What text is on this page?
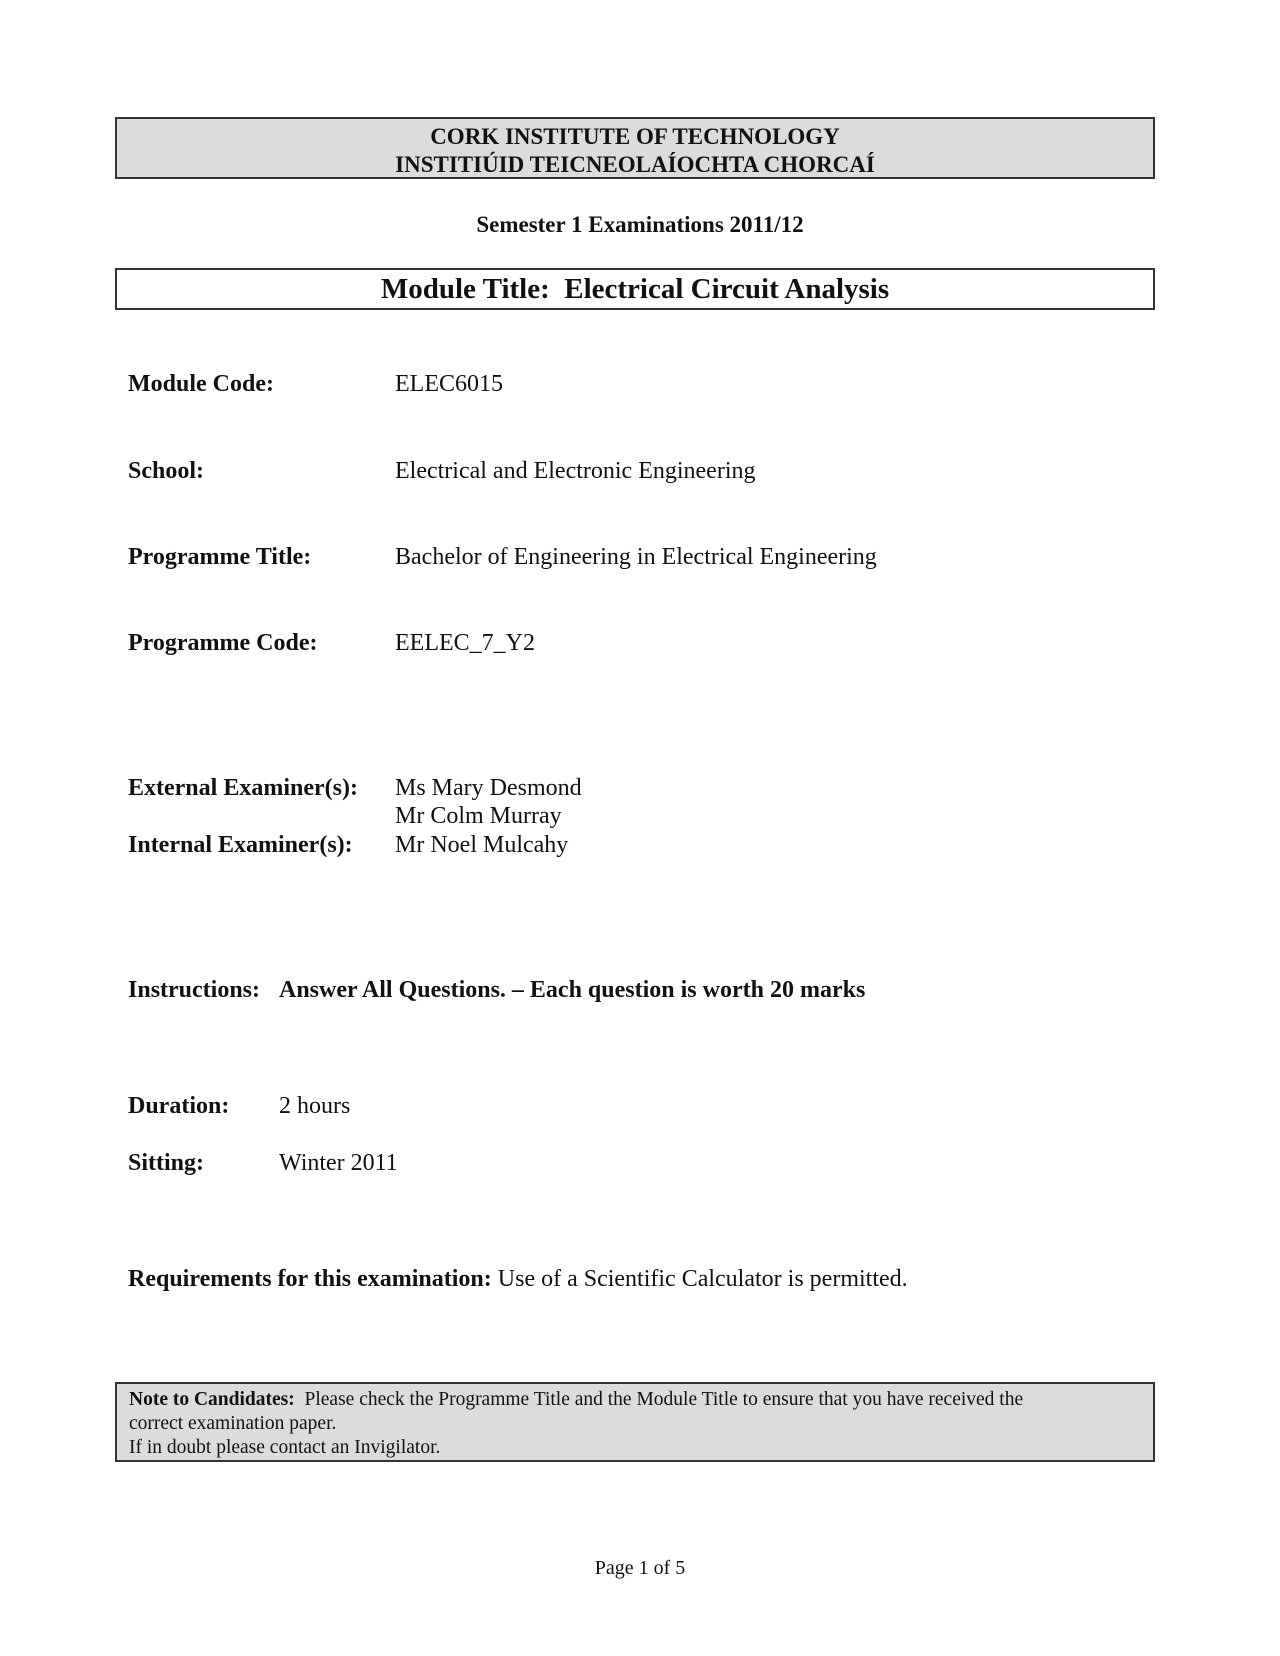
CORK INSTITUTE OF TECHNOLOGY
INSTITIÚID TEICNEOLAÍOCHTA CHORCAÍ
Semester 1 Examinations 2011/12
Module Title:  Electrical Circuit Analysis
Module Code:	ELEC6015
School:	Electrical and Electronic Engineering
Programme Title:	Bachelor of Engineering in Electrical Engineering
Programme Code:	EELEC_7_Y2
External Examiner(s): Ms Mary Desmond
Mr Colm Murray
Internal Examiner(s): Mr Noel Mulcahy
Instructions: Answer All Questions. – Each question is worth 20 marks
Duration: 2 hours
Sitting:	Winter 2011
Requirements for this examination: Use of a Scientific Calculator is permitted.
Note to Candidates: Please check the Programme Title and the Module Title to ensure that you have received the
correct examination paper.
If in doubt please contact an Invigilator.
Page 1 of 5
